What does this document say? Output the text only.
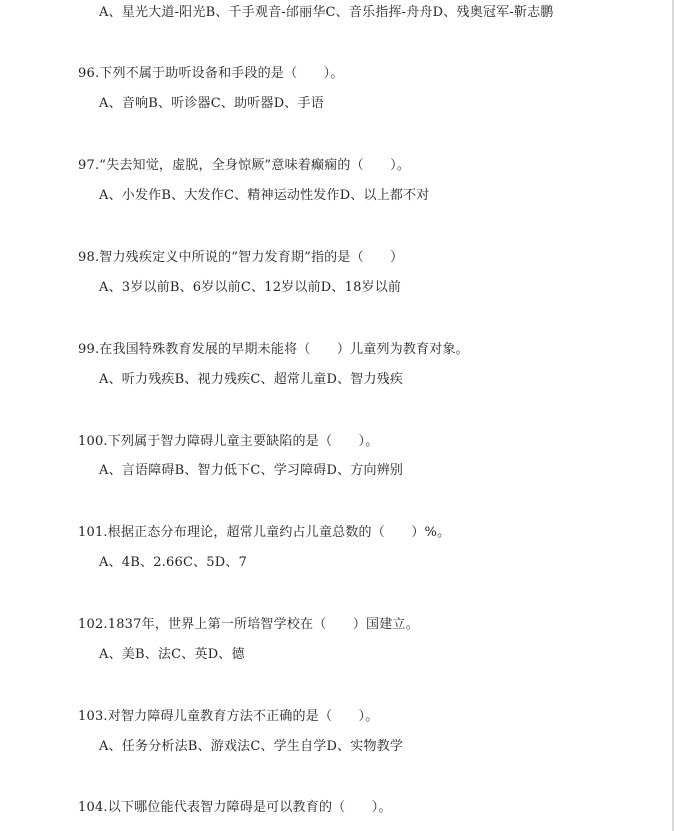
A、星光大道-阳光B、千手观音-邰丽华C、音乐指挥-舟舟D、残奥冠军-靳志鹏
96.下列不属于助听设备和手段的是（　　）。
A、音响B、听诊器C、助听器D、手语
97.“失去知觉，虚脱，全身惊厥”意味着癫痫的（　　）。
A、小发作B、大发作C、精神运动性发作D、以上都不对
98.智力残疾定义中所说的“智力发育期”指的是（　　）
A、3岁以前B、6岁以前C、12岁以前D、18岁以前
99.在我国特殊教育发展的早期未能将（　　）儿童列为教育对象。
A、听力残疾B、视力残疾C、超常儿童D、智力残疾
100.下列属于智力障碍儿童主要缺陷的是（　　）。
A、言语障碍B、智力低下C、学习障碍D、方向辨别
101.根据正态分布理论，超常儿童约占儿童总数的（　　）%。
A、4B、2.66C、5D、7
102.1837年，世界上第一所培智学校在（　　）国建立。
A、美B、法C、英D、德
103.对智力障碍儿童教育方法不正确的是（　　）。
A、任务分析法B、游戏法C、学生自学D、实物教学
104.以下哪位能代表智力障碍是可以教育的（　　）。
